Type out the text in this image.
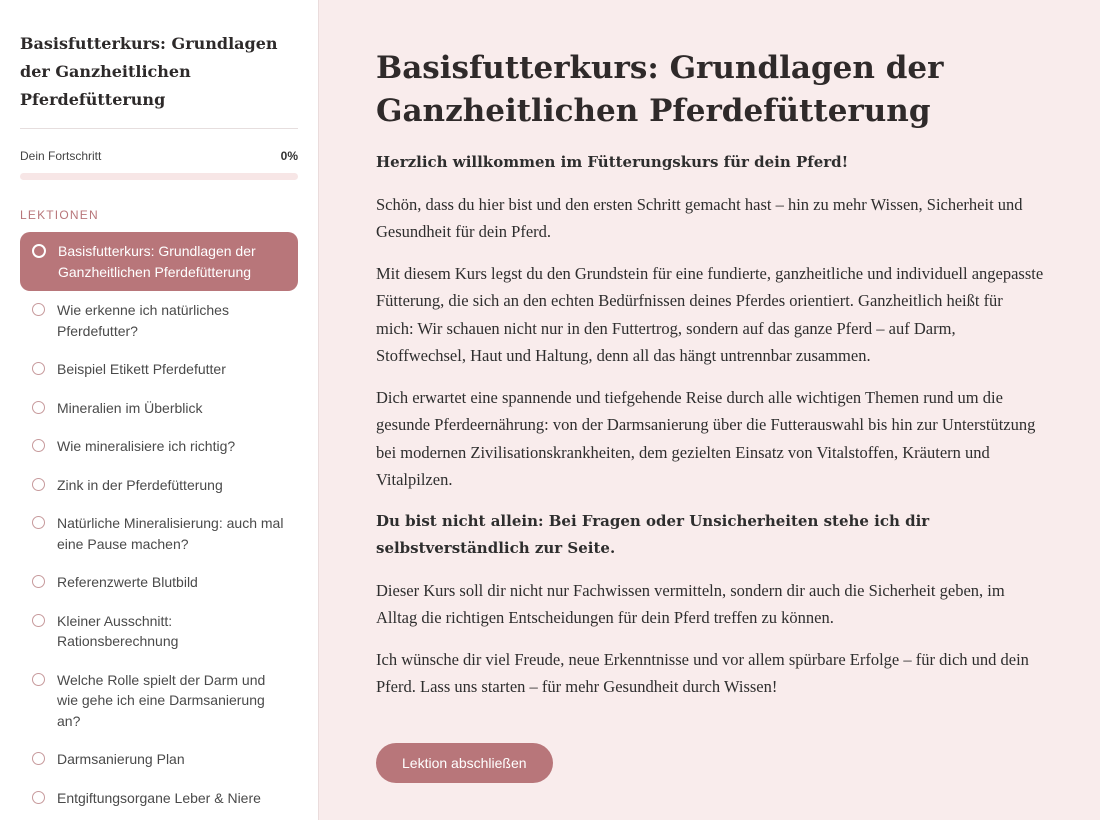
Basisfutterkurs: Grundlagen der Ganzheitlichen Pferdefütterung
Dein Fortschritt	0%
LEKTIONEN
Basisfutterkurs: Grundlagen der Ganzheitlichen Pferdefütterung
Wie erkenne ich natürliches Pferdefutter?
Beispiel Etikett Pferdefutter
Mineralien im Überblick
Wie mineralisiere ich richtig?
Zink in der Pferdefütterung
Natürliche Mineralisierung: auch mal eine Pause machen?
Referenzwerte Blutbild
Kleiner Ausschnitt: Rationsberechnung
Welche Rolle spielt der Darm und wie gehe ich eine Darmsanierung an?
Darmsanierung Plan
Entgiftungsorgane Leber & Niere
Basisfutterkurs: Grundlagen der Ganzheitlichen Pferdefütterung

Herzlich willkommen im Fütterungskurs für dein Pferd!

Schön, dass du hier bist und den ersten Schritt gemacht hast – hin zu mehr Wissen, Sicherheit und Gesundheit für dein Pferd.

Mit diesem Kurs legst du den Grundstein für eine fundierte, ganzheitliche und individuell angepasste Fütterung, die sich an den echten Bedürfnissen deines Pferdes orientiert. Ganzheitlich heißt für mich: Wir schauen nicht nur in den Futtertrog, sondern auf das ganze Pferd – auf Darm, Stoffwechsel, Haut und Haltung, denn all das hängt untrennbar zusammen.

Dich erwartet eine spannende und tiefgehende Reise durch alle wichtigen Themen rund um die gesunde Pferdeernährung: von der Darmsanierung über die Futterauswahl bis hin zur Unterstützung bei modernen Zivilisationskrankheiten, dem gezielten Einsatz von Vitalstoffen, Kräutern und Vitalpilzen.

Du bist nicht allein: Bei Fragen oder Unsicherheiten stehe ich dir selbstverständlich zur Seite.

Dieser Kurs soll dir nicht nur Fachwissen vermitteln, sondern dir auch die Sicherheit geben, im Alltag die richtigen Entscheidungen für dein Pferd treffen zu können.

Ich wünsche dir viel Freude, neue Erkenntnisse und vor allem spürbare Erfolge – für dich und dein Pferd. Lass uns starten – für mehr Gesundheit durch Wissen!

Lektion abschließen
